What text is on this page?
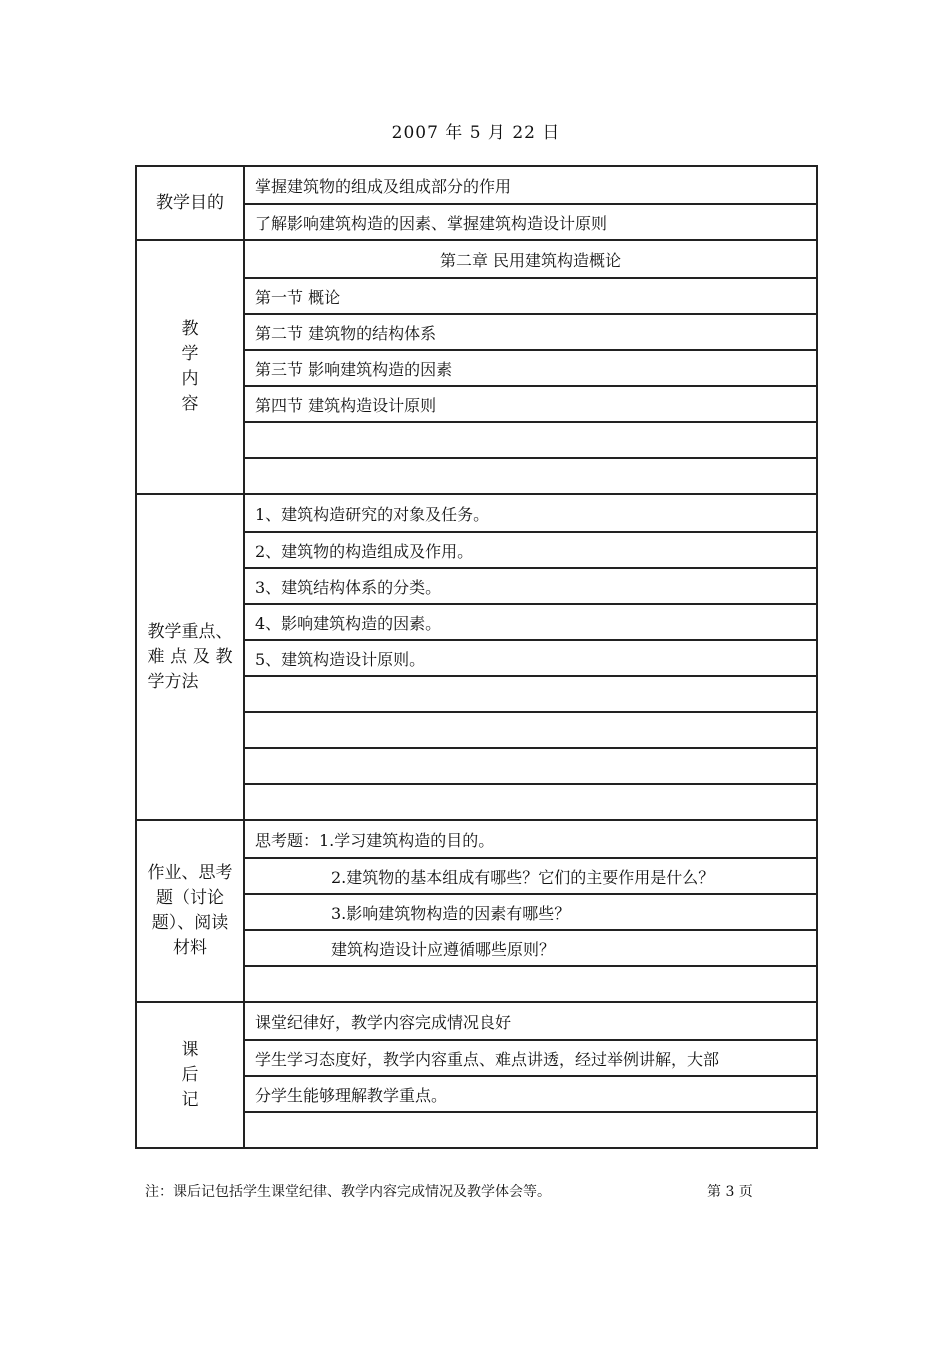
2007 年 5 月 22 日
教学目的
掌握建筑物的组成及组成部分的作用
了解影响建筑构造的因素、掌握建筑构造设计原则
教
学
内
容
第二章 民用建筑构造概论
第一节 概论
第二节 建筑物的结构体系
第三节 影响建筑构造的因素
第四节 建筑构造设计原则
教学重点、
难 点 及 教
学方法
1、建筑构造研究的对象及任务。
2、建筑物的构造组成及作用。
3、建筑结构体系的分类。
4、影响建筑构造的因素。
5、建筑构造设计原则。
作业、思考
题（讨论
题）、阅读
材料
思考题：1.学习建筑构造的目的。
2.建筑物的基本组成有哪些？它们的主要作用是什么？
3.影响建筑物构造的因素有哪些？
建筑构造设计应遵循哪些原则？
课
后
记
课堂纪律好，教学内容完成情况良好
学生学习态度好，教学内容重点、难点讲透，经过举例讲解，大部
分学生能够理解教学重点。
注：课后记包括学生课堂纪律、教学内容完成情况及教学体会等。	第 3 页
